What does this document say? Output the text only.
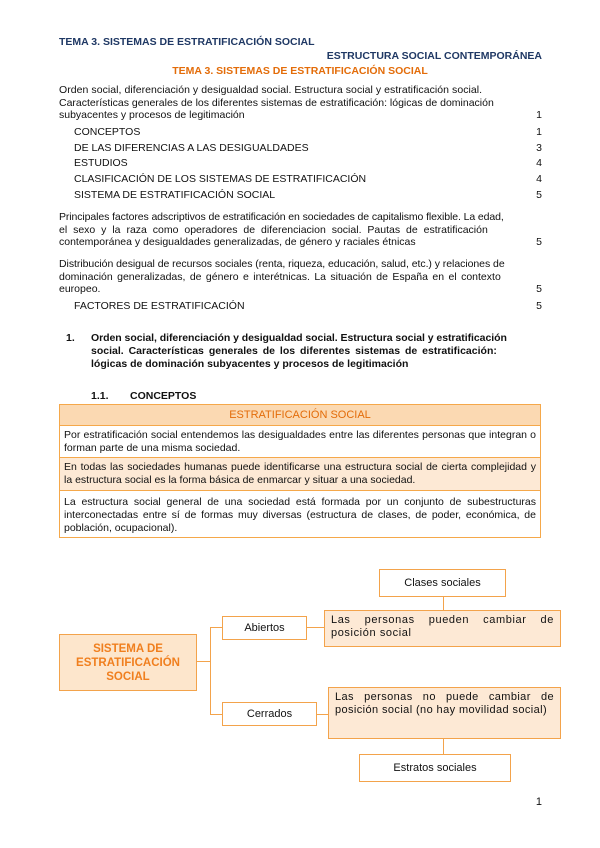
TEMA 3. SISTEMAS DE ESTRATIFICACIÓN SOCIAL
ESTRUCTURA SOCIAL CONTEMPORÁNEA
TEMA 3. SISTEMAS DE ESTRATIFICACIÓN SOCIAL
Orden social, diferenciación y desigualdad social. Estructura social y estratificación social.
Características generales de los diferentes sistemas de estratificación: lógicas de dominación
subyacentes y procesos de legitimación	1
CONCEPTOS	1
DE LAS DIFERENCIAS A LAS DESIGUALDADES	3
ESTUDIOS	4
CLASIFICACIÓN DE LOS SISTEMAS DE ESTRATIFICACIÓN	4
SISTEMA DE ESTRATIFICACIÓN SOCIAL	5
Principales factores adscriptivos de estratificación en sociedades de capitalismo flexible. La edad,
el sexo y la raza como operadores de diferenciacion social. Pautas de estratificación
contemporánea y desigualdades generalizadas, de género y raciales étnicas	5
Distribución desigual de recursos sociales (renta, riqueza, educación, salud, etc.) y relaciones de
dominación generalizadas, de género e interétnicas. La situación de España en el contexto
europeo.	5
FACTORES DE ESTRATIFICACIÓN	5
1. Orden social, diferenciación y desigualdad social. Estructura social y estratificación
social. Características generales de los diferentes sistemas de estratificación:
lógicas de dominación subyacentes y procesos de legitimación
1.1. CONCEPTOS
ESTRATIFICACIÓN SOCIAL
Por estratificación social entendemos las desigualdades entre las diferentes personas que integran o forman parte de una misma sociedad.
En todas las sociedades humanas puede identificarse una estructura social de cierta complejidad y la estructura social es la forma básica de enmarcar y situar a una sociedad.
La estructura social general de una sociedad está formada por un conjunto de subestructuras interconectadas entre sí de formas muy diversas (estructura de clases, de poder, económica, de población, ocupacional).
SISTEMA DE ESTRATIFICACIÓN SOCIAL
Abiertos
Cerrados
Las personas pueden cambiar de posición social
Las personas no puede cambiar de posición social (no hay movilidad social)
Clases sociales
Estratos sociales
1
